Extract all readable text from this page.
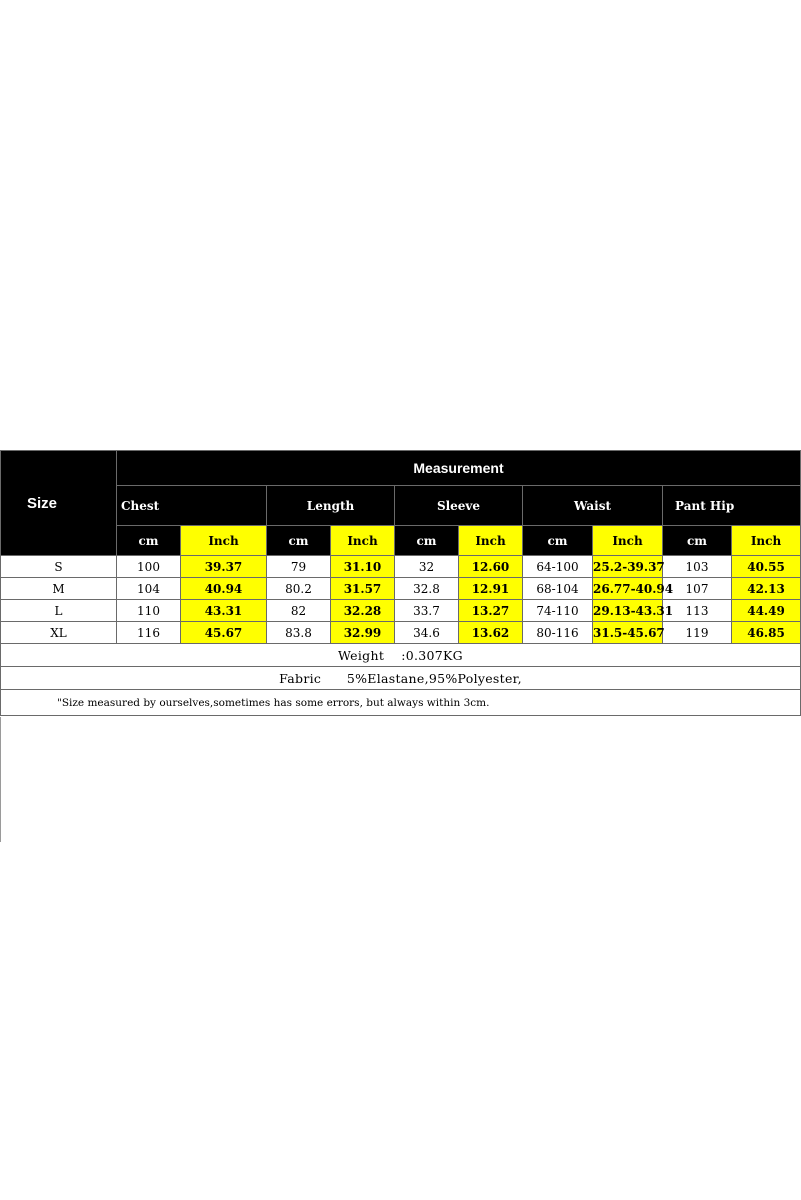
Size	Measurement									
	Chest		Length		Sleeve		Waist		Pant Hip	
	cm	Inch	cm	Inch	cm	Inch	cm	Inch	cm	Inch
S	100	39.37	79	31.10	32	12.60	64-100	25.2-39.37	103	40.55
M	104	40.94	80.2	31.57	32.8	12.91	68-104	26.77-40.94	107	42.13
L	110	43.31	82	32.28	33.7	13.27	74-110	29.13-43.31	113	44.49
XL	116	45.67	83.8	32.99	34.6	13.62	80-116	31.5-45.67	119	46.85
Weight    :0.307KG										
Fabric      5%Elastane,95%Polyester,										
"Size measured by ourselves,sometimes has some errors, but always within 3cm.										
